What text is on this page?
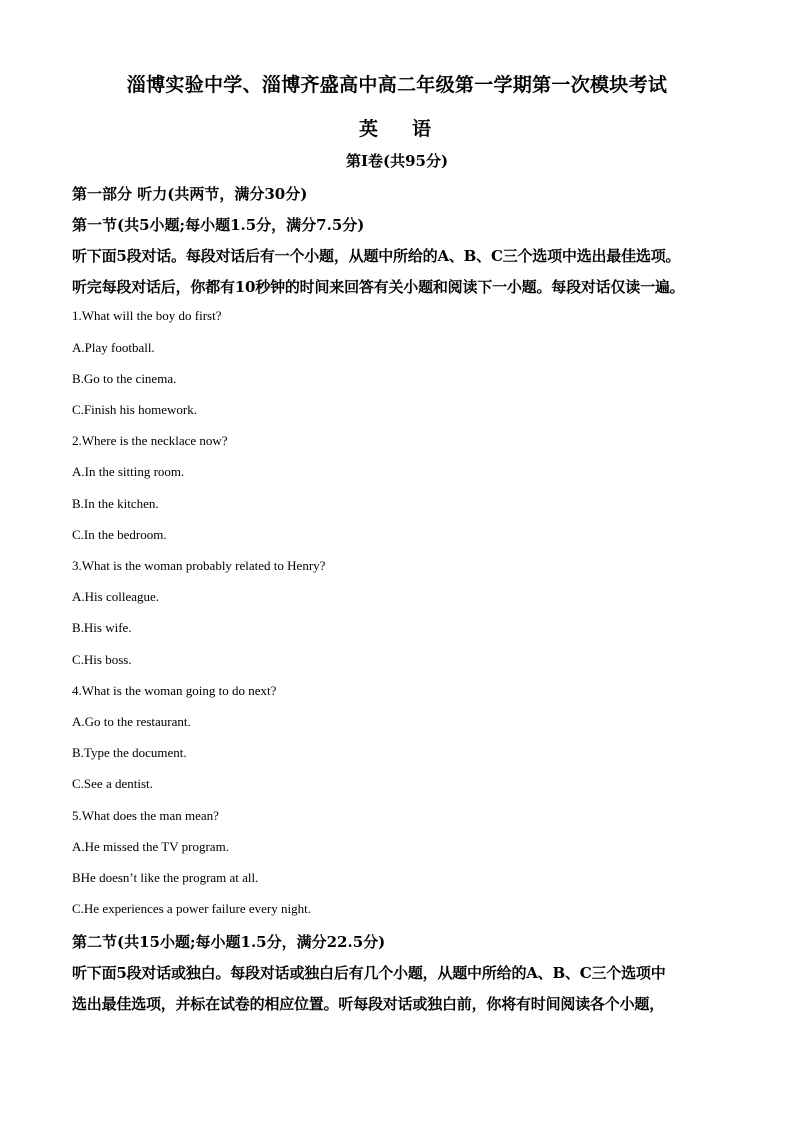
淄博实验中学、淄博齐盛高中高二年级第一学期第一次模块考试
英语
第I卷(共95分)
第一部分 听力(共两节，满分30分)
第一节(共5小题;每小题1.5分，满分7.5分)
听下面5段对话。每段对话后有一个小题，从题中所给的A、B、C三个选项中选出最佳选项。
听完每段对话后，你都有10秒钟的时间来回答有关小题和阅读下一小题。每段对话仅读一遍。
1.What will the boy do first?
A.Play football.
B.Go to the cinema.
C.Finish his homework.
2.Where is the necklace now?
A.In the sitting room.
B.In the kitchen.
C.In the bedroom.
3.What is the woman probably related to Henry?
A.His colleague.
B.His wife.
C.His boss.
4.What is the woman going to do next?
A.Go to the restaurant.
B.Type the document.
C.See a dentist.
5.What does the man mean?
A.He missed the TV program.
BHe doesn’t like the program at all.
C.He experiences a power failure every night.
第二节(共15小题;每小题1.5分，满分22.5分)
听下面5段对话或独白。每段对话或独白后有几个小题，从题中所给的A、B、C三个选项中
选出最佳选项，并标在试卷的相应位置。听每段对话或独白前，你将有时间阅读各个小题，
